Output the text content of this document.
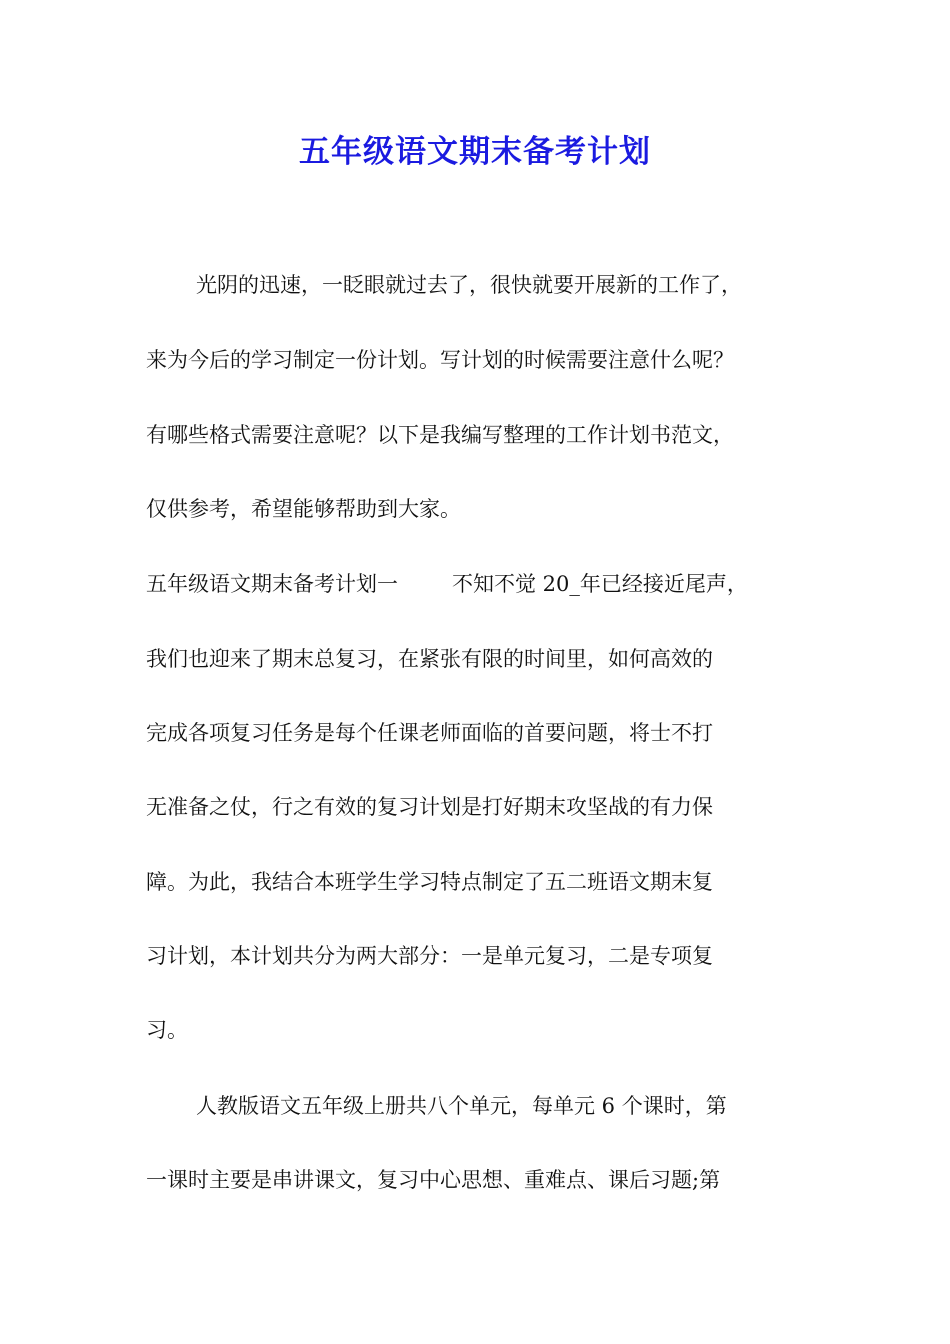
五年级语文期末备考计划
光阴的迅速，一眨眼就过去了，很快就要开展新的工作了，
来为今后的学习制定一份计划。写计划的时候需要注意什么呢？
有哪些格式需要注意呢？以下是我编写整理的工作计划书范文，
仅供参考，希望能够帮助到大家。
五年级语文期末备考计划一	不知不觉 20_年已经接近尾声，
我们也迎来了期末总复习，在紧张有限的时间里，如何高效的
完成各项复习任务是每个任课老师面临的首要问题，将士不打
无准备之仗，行之有效的复习计划是打好期末攻坚战的有力保
障。为此，我结合本班学生学习特点制定了五二班语文期末复
习计划，本计划共分为两大部分：一是单元复习，二是专项复
习。
人教版语文五年级上册共八个单元，每单元 6 个课时，第
一课时主要是串讲课文，复习中心思想、重难点、课后习题;第
